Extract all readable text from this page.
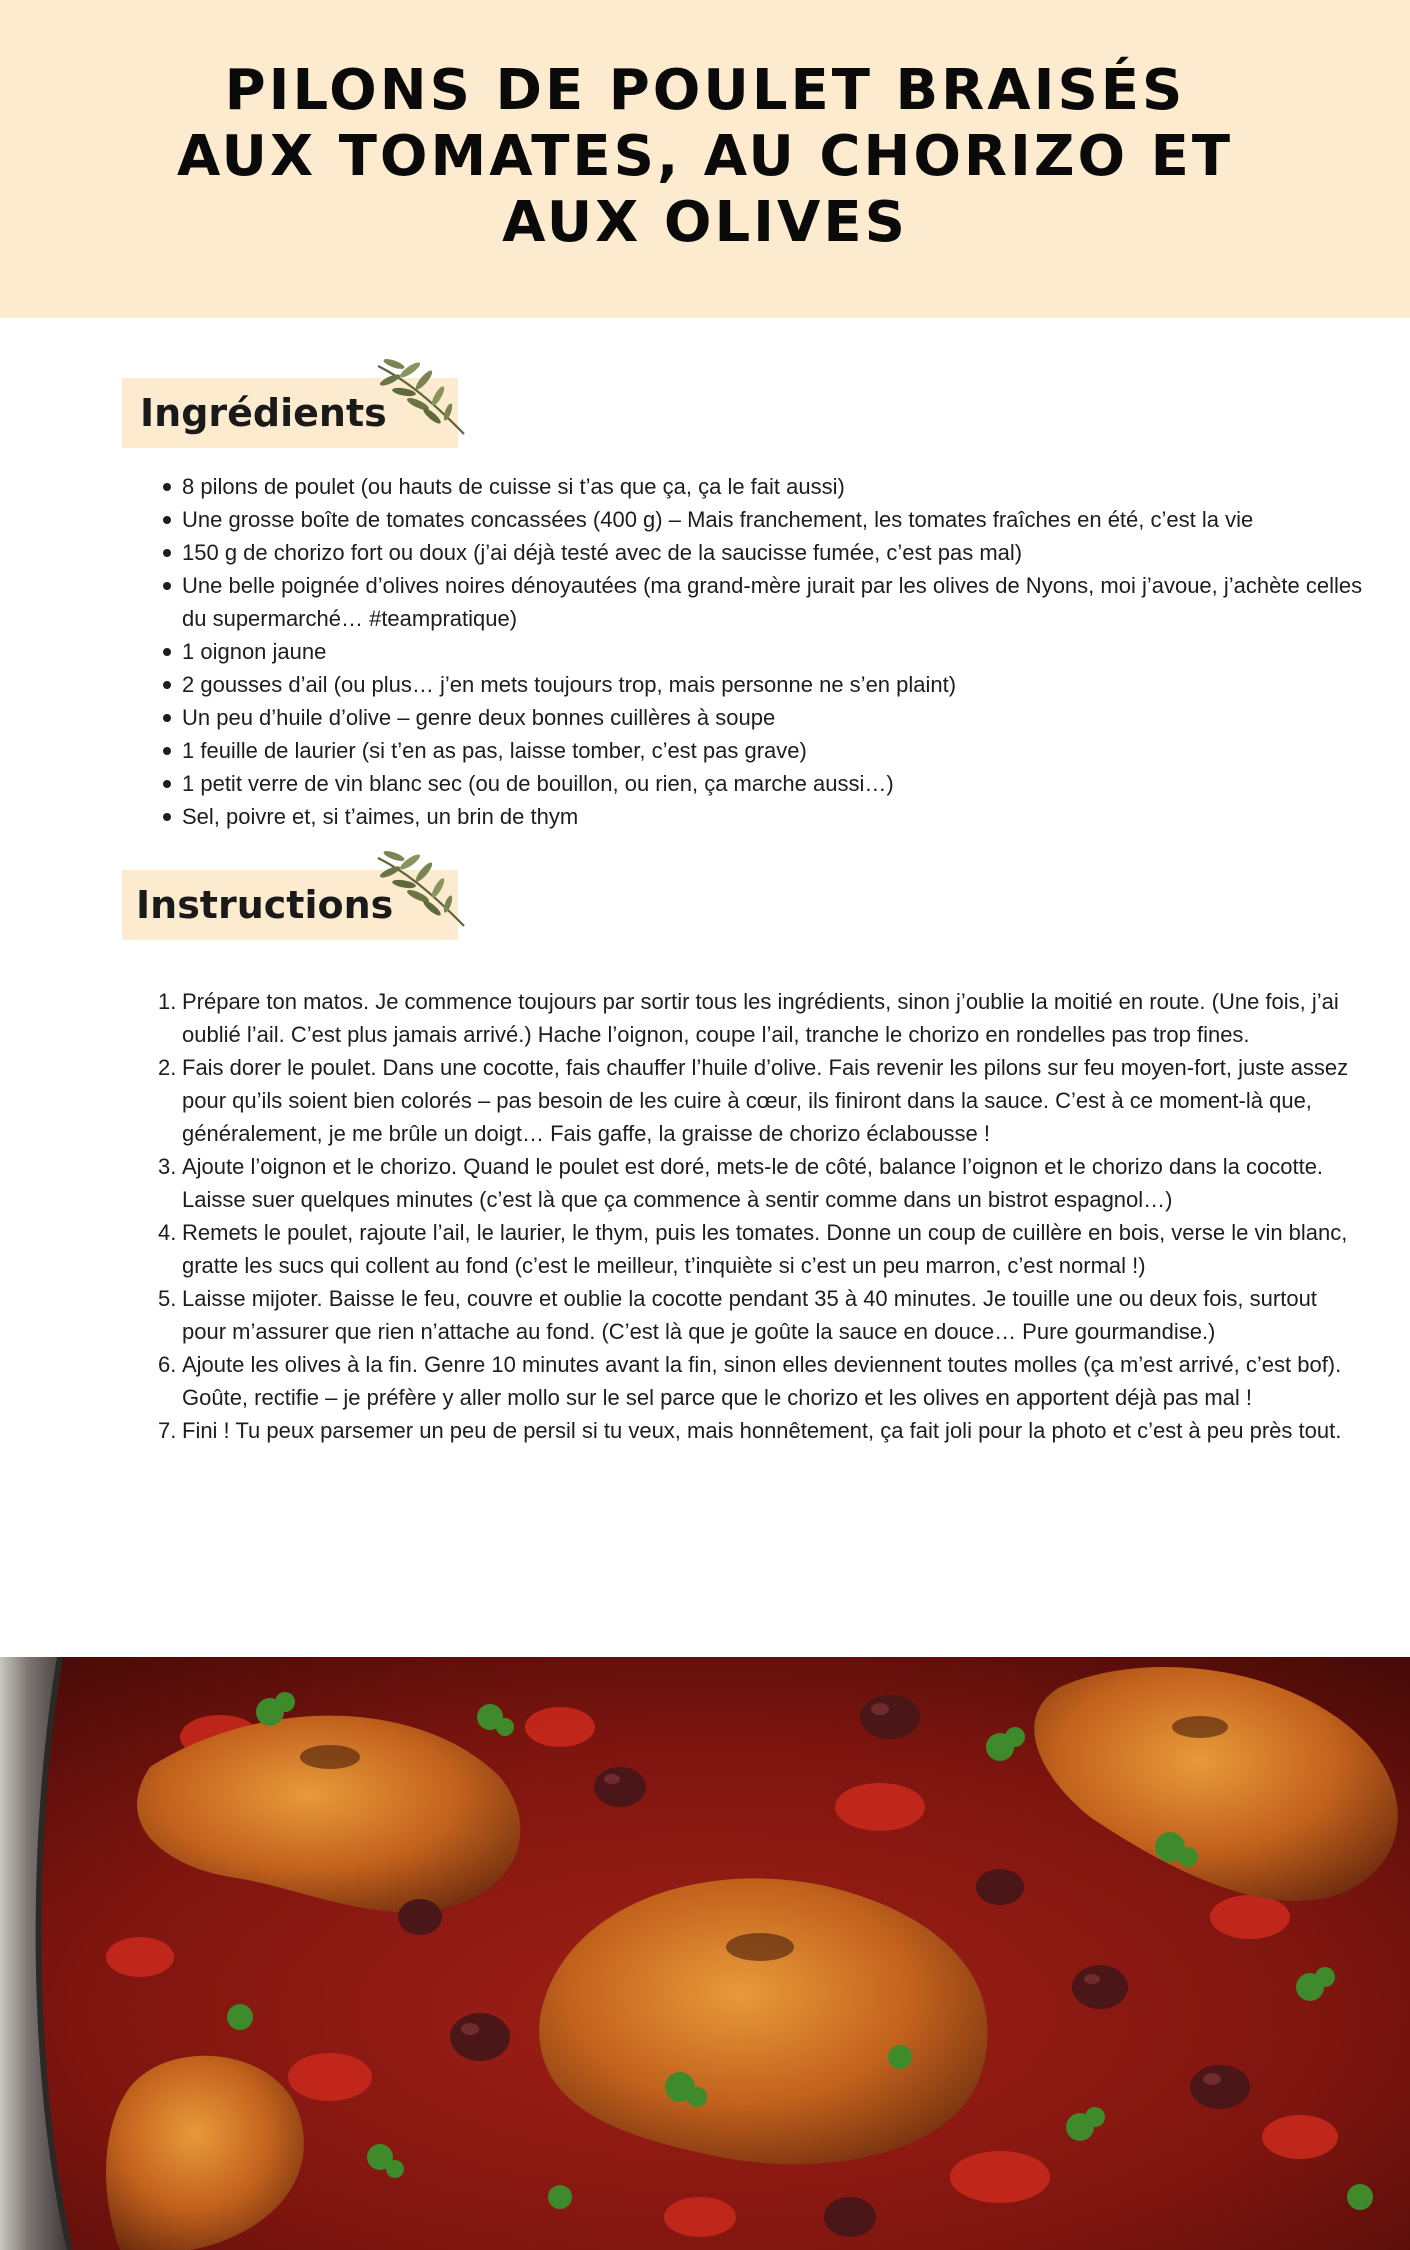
PILONS DE POULET BRAISÉS AUX TOMATES, AU CHORIZO ET AUX OLIVES
Ingrédients
8 pilons de poulet (ou hauts de cuisse si t’as que ça, ça le fait aussi)
Une grosse boîte de tomates concassées (400 g) – Mais franchement, les tomates fraîches en été, c’est la vie
150 g de chorizo fort ou doux (j’ai déjà testé avec de la saucisse fumée, c’est pas mal)
Une belle poignée d’olives noires dénoyautées (ma grand-mère jurait par les olives de Nyons, moi j’avoue, j’achète celles du supermarché… #teampratique)
1 oignon jaune
2 gousses d’ail (ou plus… j’en mets toujours trop, mais personne ne s’en plaint)
Un peu d’huile d’olive – genre deux bonnes cuillères à soupe
1 feuille de laurier (si t’en as pas, laisse tomber, c’est pas grave)
1 petit verre de vin blanc sec (ou de bouillon, ou rien, ça marche aussi…)
Sel, poivre et, si t’aimes, un brin de thym
Instructions
1. Prépare ton matos. Je commence toujours par sortir tous les ingrédients, sinon j’oublie la moitié en route. (Une fois, j’ai oublié l’ail. C’est plus jamais arrivé.) Hache l’oignon, coupe l’ail, tranche le chorizo en rondelles pas trop fines.
2. Fais dorer le poulet. Dans une cocotte, fais chauffer l’huile d’olive. Fais revenir les pilons sur feu moyen-fort, juste assez pour qu’ils soient bien colorés – pas besoin de les cuire à cœur, ils finiront dans la sauce. C’est à ce moment-là que, généralement, je me brûle un doigt… Fais gaffe, la graisse de chorizo éclabousse !
3. Ajoute l’oignon et le chorizo. Quand le poulet est doré, mets-le de côté, balance l’oignon et le chorizo dans la cocotte. Laisse suer quelques minutes (c’est là que ça commence à sentir comme dans un bistrot espagnol…)
4. Remets le poulet, rajoute l’ail, le laurier, le thym, puis les tomates. Donne un coup de cuillère en bois, verse le vin blanc, gratte les sucs qui collent au fond (c’est le meilleur, t’inquiète si c’est un peu marron, c’est normal !)
5. Laisse mijoter. Baisse le feu, couvre et oublie la cocotte pendant 35 à 40 minutes. Je touille une ou deux fois, surtout pour m’assurer que rien n’attache au fond. (C’est là que je goûte la sauce en douce… Pure gourmandise.)
6. Ajoute les olives à la fin. Genre 10 minutes avant la fin, sinon elles deviennent toutes molles (ça m’est arrivé, c’est bof). Goûte, rectifie – je préfère y aller mollo sur le sel parce que le chorizo et les olives en apportent déjà pas mal !
7. Fini ! Tu peux parsemer un peu de persil si tu veux, mais honnêtement, ça fait joli pour la photo et c’est à peu près tout.
